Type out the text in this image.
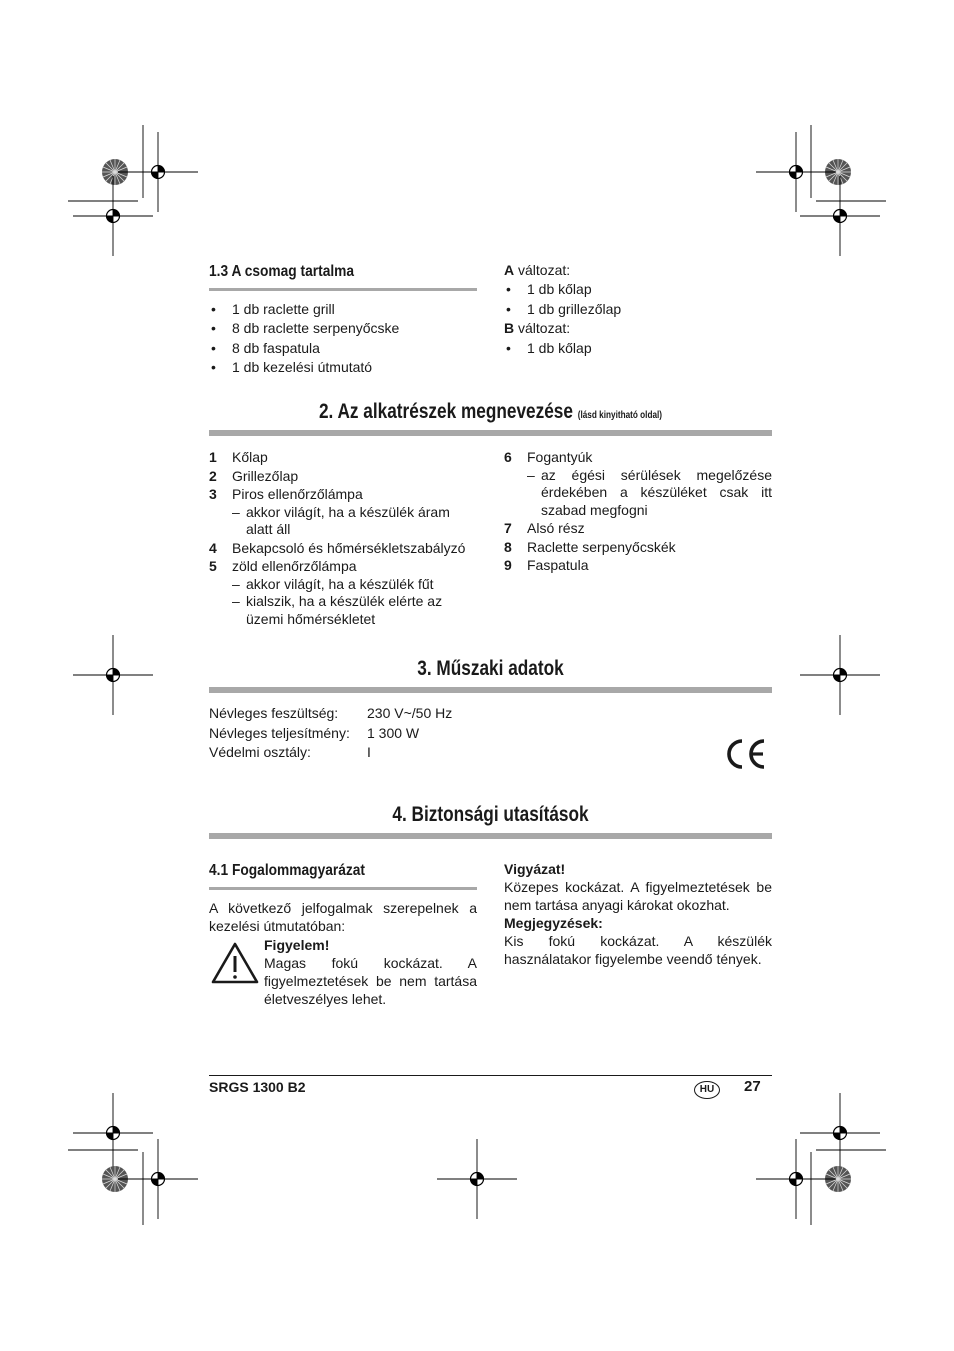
1.3 A csomag tartalma
• 1 db raclette grill
• 8 db raclette serpenyőcske
• 8 db faspatula
• 1 db kezelési útmutató

A változat:

• 1 db kőlap
• 1 db grillezőlap

B változat:

• 1 db kőlap
2. Az alkatrészek megnevezése (lásd kinyitható oldal)
1 Kőlap
2 Grillezőlap
3 Piros ellenőrzőlámpa
– akkor világít, ha a készülék áram alatt áll
4 Bekapcsoló és hőmérsékletszabályzó
5 zöld ellenőrzőlámpa
– akkor világít, ha a készülék fűt
– kialszik, ha a készülék elérte az üzemi hőmérsékletet
6 Fogantyúk
– az égési sérülések megelőzése érdekében a készüléket csak itt szabad megfogni
7 Alsó rész
8 Raclette serpenyőcskék
9 Faspatula
3. Műszaki adatok
Névleges feszültség:	230 V~/50 Hz
Névleges teljesítmény:	1 300 W
Védelmi osztály:	I
4. Biztonsági utasítások
4.1 Fogalommagyarázat

A következő jelfogalmak szerepelnek a kezelési útmutatóban:

Figyelem!

Magas fokú kockázat. A figyelmeztetések be nem tartása életveszélyes lehet.

Vigyázat!

Közepes kockázat. A figyelmeztetések be nem tartása anyagi károkat okozhat.

Megjegyzések:

Kis fokú kockázat. A készülék használatakor figyelembe veendő tények.

SRGS 1300 B2	HU	27
